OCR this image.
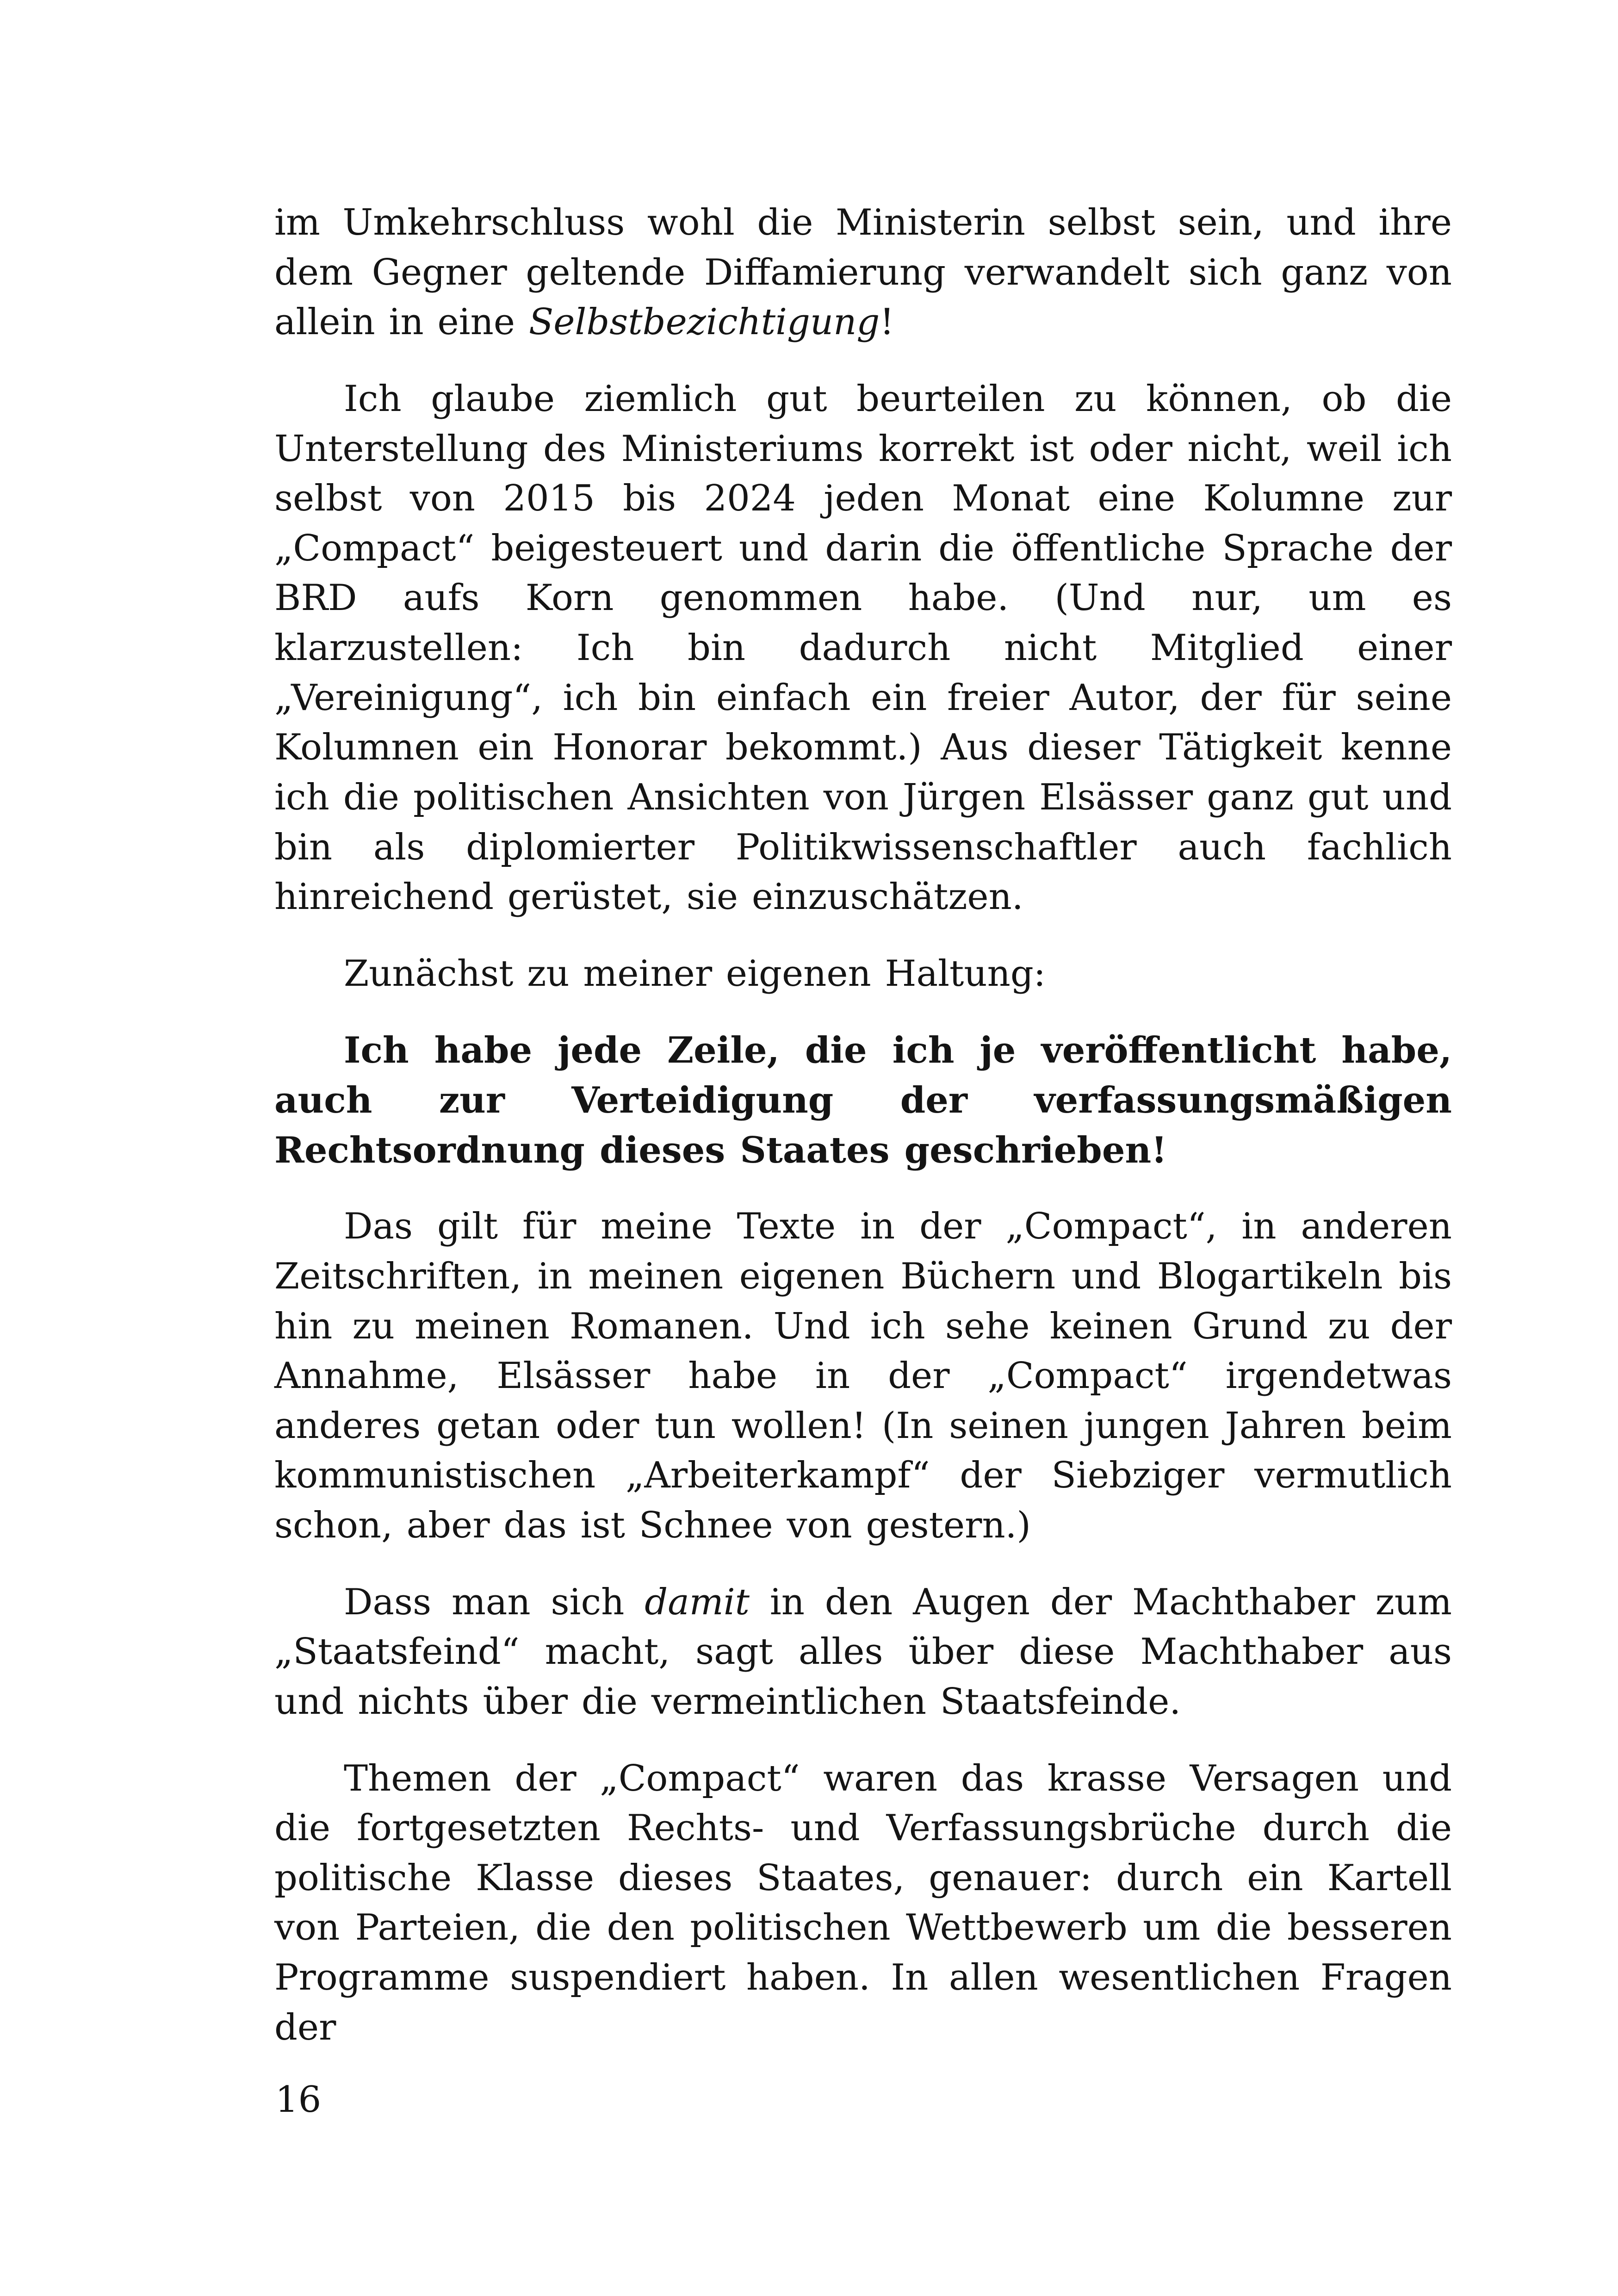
im Umkehrschluss wohl die Ministerin selbst sein, und ihre dem Gegner geltende Diffamierung verwandelt sich ganz von allein in eine Selbstbezichtigung!

Ich glaube ziemlich gut beurteilen zu können, ob die Unterstellung des Ministeriums korrekt ist oder nicht, weil ich selbst von 2015 bis 2024 jeden Monat eine Kolumne zur „Compact“ beigesteuert und darin die öffentliche Sprache der BRD aufs Korn genommen habe. (Und nur, um es klarzustellen: Ich bin dadurch nicht Mitglied einer „Vereinigung“, ich bin einfach ein freier Autor, der für seine Kolumnen ein Honorar bekommt.) Aus dieser Tätigkeit kenne ich die politischen Ansichten von Jürgen Elsässer ganz gut und bin als diplomierter Politikwissenschaftler auch fachlich hinreichend gerüstet, sie einzuschätzen.

Zunächst zu meiner eigenen Haltung:

Ich habe jede Zeile, die ich je veröffentlicht habe, auch zur Verteidigung der verfassungsmäßigen Rechtsordnung dieses Staates geschrieben!

Das gilt für meine Texte in der „Compact“, in anderen Zeitschriften, in meinen eigenen Büchern und Blogartikeln bis hin zu meinen Romanen. Und ich sehe keinen Grund zu der Annahme, Elsässer habe in der „Compact“ irgendetwas anderes getan oder tun wollen! (In seinen jungen Jahren beim kommunistischen „Arbeiterkampf“ der Siebziger vermutlich schon, aber das ist Schnee von gestern.)

Dass man sich damit in den Augen der Machthaber zum „Staatsfeind“ macht, sagt alles über diese Machthaber aus und nichts über die vermeintlichen Staatsfeinde.

Themen der „Compact“ waren das krasse Versagen und die fortgesetzten Rechts- und Verfassungsbrüche durch die politische Klasse dieses Staates, genauer: durch ein Kartell von Parteien, die den politischen Wettbewerb um die besseren Programme suspendiert haben. In allen wesentlichen Fragen der

16
